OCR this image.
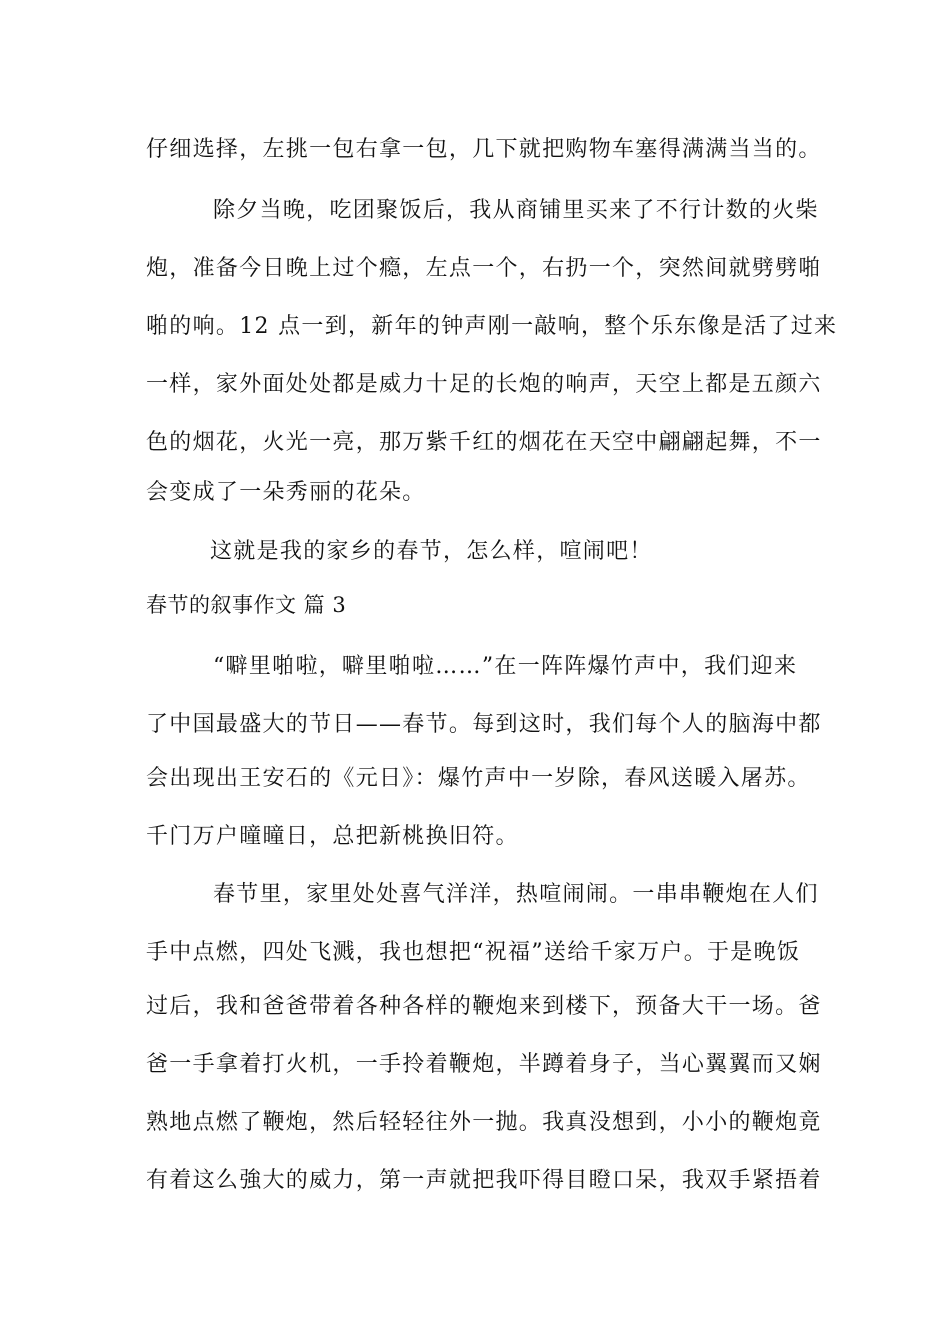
仔细选择，左挑一包右拿一包，几下就把购物车塞得满满当当的。
除夕当晚，吃团聚饭后，我从商铺里买来了不行计数的火柴
炮，准备今日晚上过个瘾，左点一个，右扔一个，突然间就劈劈啪
啪的响。12 点一到，新年的钟声刚一敲响，整个乐东像是活了过来
一样，家外面处处都是威力十足的长炮的响声，天空上都是五颜六
色的烟花，火光一亮，那万紫千红的烟花在天空中翩翩起舞，不一
会变成了一朵秀丽的花朵。
这就是我的家乡的春节，怎么样，喧闹吧！
春节的叙事作文 篇 3
“噼里啪啦，噼里啪啦……”在一阵阵爆竹声中，我们迎来
了中国最盛大的节日——春节。每到这时，我们每个人的脑海中都
会出现出王安石的《元日》：爆竹声中一岁除，春风送暖入屠苏。
千门万户曈曈日，总把新桃换旧符。
春节里，家里处处喜气洋洋，热喧闹闹。一串串鞭炮在人们
手中点燃，四处飞溅，我也想把“祝福”送给千家万户。于是晚饭
过后，我和爸爸带着各种各样的鞭炮来到楼下，预备大干一场。爸
爸一手拿着打火机，一手拎着鞭炮，半蹲着身子，当心翼翼而又娴
熟地点燃了鞭炮，然后轻轻往外一抛。我真没想到，小小的鞭炮竟
有着这么強大的威力，第一声就把我吓得目瞪口呆，我双手紧捂着
